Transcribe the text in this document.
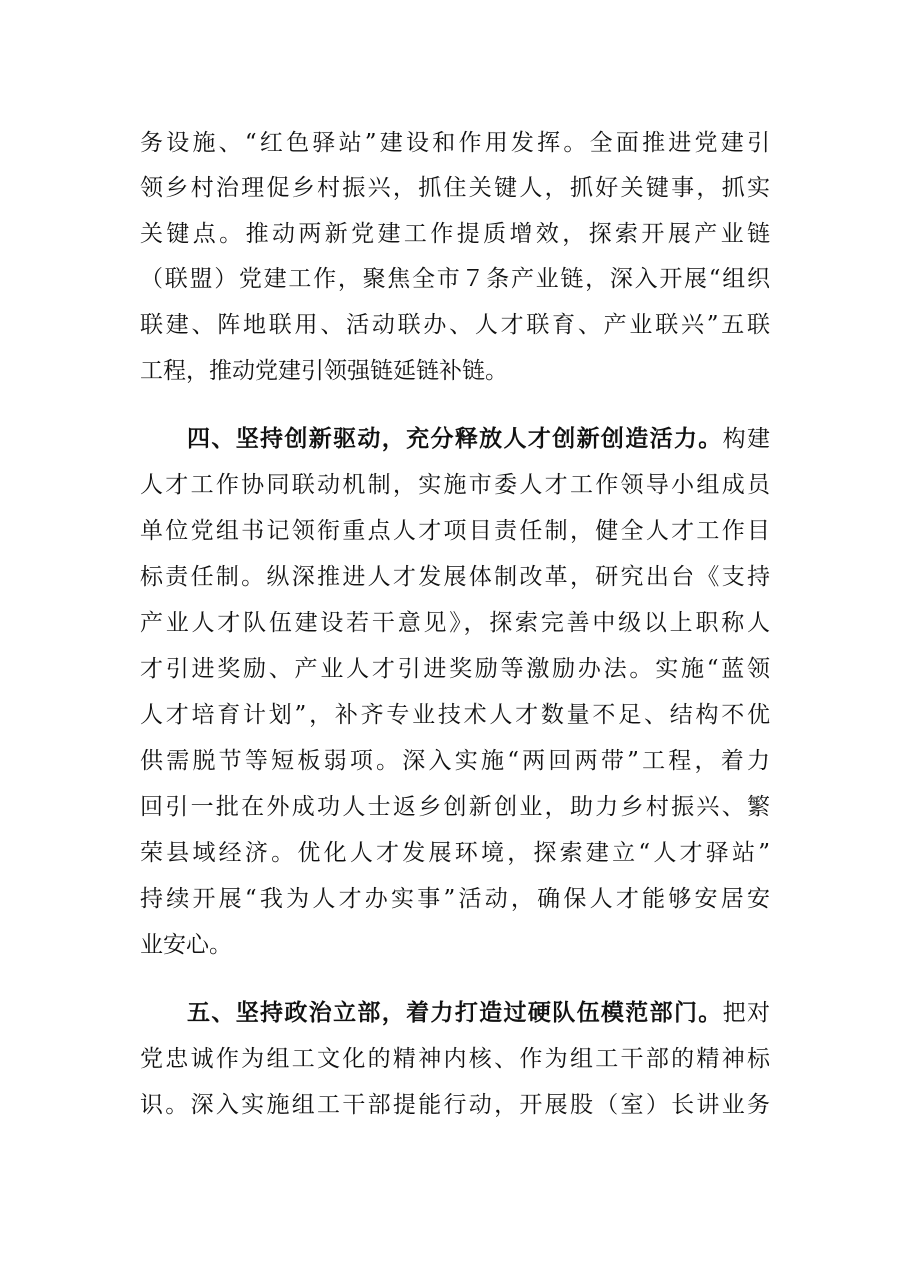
务设施、“红色驿站”建设和作用发挥。全面推进党建引
领乡村治理促乡村振兴，抓住关键人，抓好关键事，抓实
关键点。推动两新党建工作提质增效，探索开展产业链
（联盟）党建工作，聚焦全市７条产业链，深入开展“组织
联建、阵地联用、活动联办、人才联育、产业联兴”五联
工程，推动党建引领强链延链补链。
四、坚持创新驱动，充分释放人才创新创造活力。构建
人才工作协同联动机制，实施市委人才工作领导小组成员
单位党组书记领衔重点人才项目责任制，健全人才工作目
标责任制。纵深推进人才发展体制改革，研究出台《支持
产业人才队伍建设若干意见》，探索完善中级以上职称人
才引进奖励、产业人才引进奖励等激励办法。实施“蓝领
人才培育计划”，补齐专业技术人才数量不足、结构不优
供需脱节等短板弱项。深入实施“两回两带”工程，着力
回引一批在外成功人士返乡创新创业，助力乡村振兴、繁
荣县域经济。优化人才发展环境，探索建立“人才驿站”
持续开展“我为人才办实事”活动，确保人才能够安居安
业安心。
五、坚持政治立部，着力打造过硬队伍模范部门。把对
党忠诚作为组工文化的精神内核、作为组工干部的精神标
识。深入实施组工干部提能行动，开展股（室）长讲业务
